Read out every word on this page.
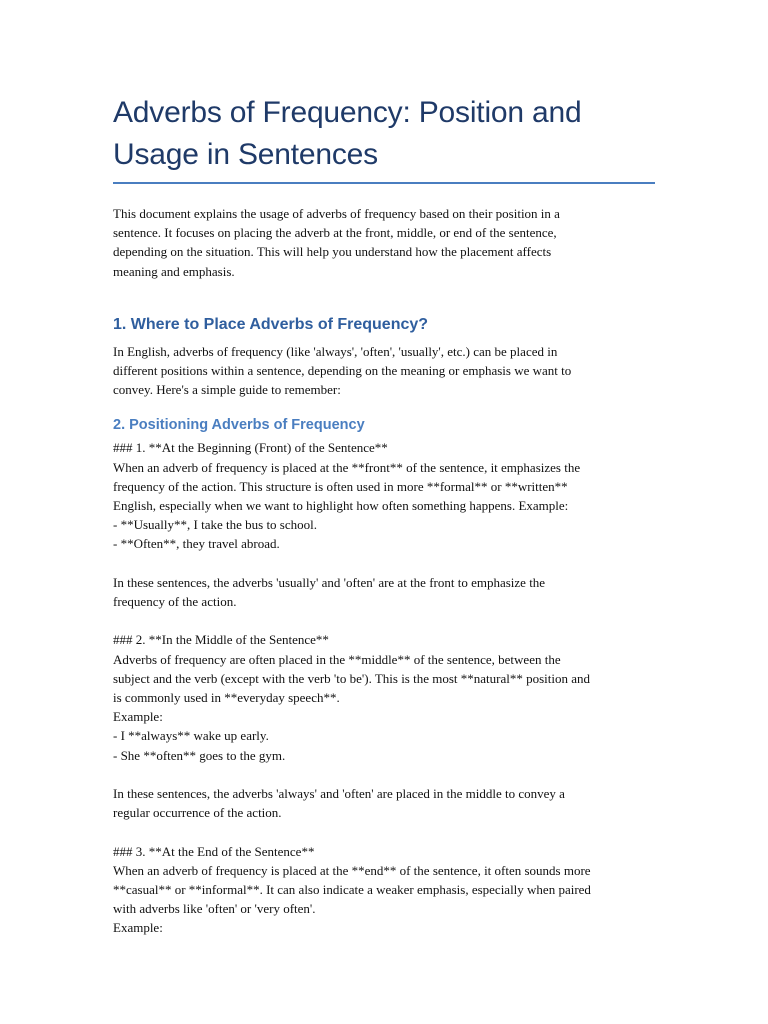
Adverbs of Frequency: Position and Usage in Sentences

This document explains the usage of adverbs of frequency based on their position in a
sentence. It focuses on placing the adverb at the front, middle, or end of the sentence,
depending on the situation. This will help you understand how the placement affects
meaning and emphasis.

1. Where to Place Adverbs of Frequency?

In English, adverbs of frequency (like 'always', 'often', 'usually', etc.) can be placed in
different positions within a sentence, depending on the meaning or emphasis we want to
convey. Here's a simple guide to remember:

2. Positioning Adverbs of Frequency

### 1. **At the Beginning (Front) of the Sentence**

When an adverb of frequency is placed at the **front** of the sentence, it emphasizes the
frequency of the action. This structure is often used in more **formal** or **written**
English, especially when we want to highlight how often something happens. Example:
- **Usually**, I take the bus to school.
- **Often**, they travel abroad.

In these sentences, the adverbs 'usually' and 'often' are at the front to emphasize the
frequency of the action.

### 2. **In the Middle of the Sentence**

Adverbs of frequency are often placed in the **middle** of the sentence, between the
subject and the verb (except with the verb 'to be'). This is the most **natural** position and
is commonly used in **everyday speech**.
Example:
- I **always** wake up early.
- She **often** goes to the gym.

In these sentences, the adverbs 'always' and 'often' are placed in the middle to convey a
regular occurrence of the action.

### 3. **At the End of the Sentence**

When an adverb of frequency is placed at the **end** of the sentence, it often sounds more
**casual** or **informal**. It can also indicate a weaker emphasis, especially when paired
with adverbs like 'often' or 'very often'.
Example:
